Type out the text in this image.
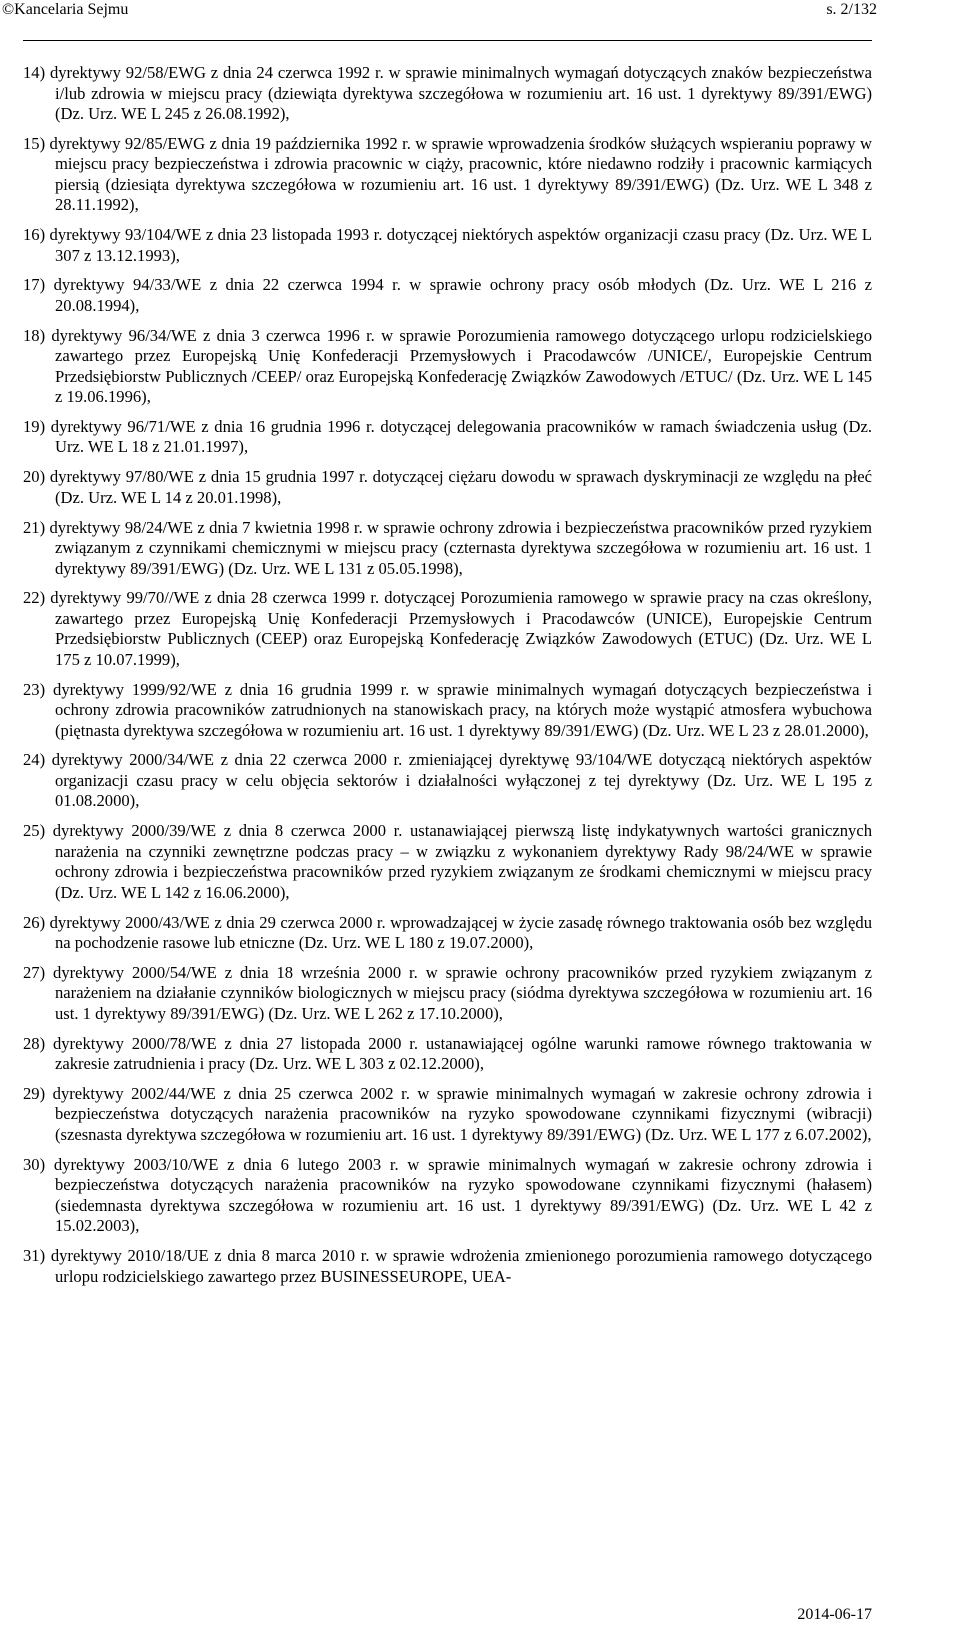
©Kancelaria Sejmu	s. 2/132

14) dyrektywy 92/58/EWG z dnia 24 czerwca 1992 r. w sprawie minimalnych wymagań dotyczących znaków bezpieczeństwa i/lub zdrowia w miejscu pracy (dziewiąta dyrektywa szczegółowa w rozumieniu art. 16 ust. 1 dyrektywy 89/391/EWG) (Dz. Urz. WE L 245 z 26.08.1992),

15) dyrektywy 92/85/EWG z dnia 19 października 1992 r. w sprawie wprowadzenia środków służących wspieraniu poprawy w miejscu pracy bezpieczeństwa i zdrowia pracownic w ciąży, pracownic, które niedawno rodziły i pracownic karmiących piersią (dziesiąta dyrektywa szczegółowa w rozumieniu art. 16 ust. 1 dyrektywy 89/391/EWG) (Dz. Urz. WE L 348 z 28.11.1992),

16) dyrektywy 93/104/WE z dnia 23 listopada 1993 r. dotyczącej niektórych aspektów organizacji czasu pracy (Dz. Urz. WE L 307 z 13.12.1993),

17) dyrektywy 94/33/WE z dnia 22 czerwca 1994 r. w sprawie ochrony pracy osób młodych (Dz. Urz. WE L 216 z 20.08.1994),

18) dyrektywy 96/34/WE z dnia 3 czerwca 1996 r. w sprawie Porozumienia ramowego dotyczącego urlopu rodzicielskiego zawartego przez Europejską Unię Konfederacji Przemysłowych i Pracodawców /UNICE/, Europejskie Centrum Przedsiębiorstw Publicznych /CEEP/ oraz Europejską Konfederację Związków Zawodowych /ETUC/ (Dz. Urz. WE L 145 z 19.06.1996),

19) dyrektywy 96/71/WE z dnia 16 grudnia 1996 r. dotyczącej delegowania pracowników w ramach świadczenia usług (Dz. Urz. WE L 18 z 21.01.1997),

20) dyrektywy 97/80/WE z dnia 15 grudnia 1997 r. dotyczącej ciężaru dowodu w sprawach dyskryminacji ze względu na płeć (Dz. Urz. WE L 14 z 20.01.1998),

21) dyrektywy 98/24/WE z dnia 7 kwietnia 1998 r. w sprawie ochrony zdrowia i bezpieczeństwa pracowników przed ryzykiem związanym z czynnikami chemicznymi w miejscu pracy (czternasta dyrektywa szczegółowa w rozumieniu art. 16 ust. 1 dyrektywy 89/391/EWG) (Dz. Urz. WE L 131 z 05.05.1998),

22) dyrektywy 99/70//WE z dnia 28 czerwca 1999 r. dotyczącej Porozumienia ramowego w sprawie pracy na czas określony, zawartego przez Europejską Unię Konfederacji Przemysłowych i Pracodawców (UNICE), Europejskie Centrum Przedsiębiorstw Publicznych (CEEP) oraz Europejską Konfederację Związków Zawodowych (ETUC) (Dz. Urz. WE L 175 z 10.07.1999),

23) dyrektywy 1999/92/WE z dnia 16 grudnia 1999 r. w sprawie minimalnych wymagań dotyczących bezpieczeństwa i ochrony zdrowia pracowników zatrudnionych na stanowiskach pracy, na których może wystąpić atmosfera wybuchowa (piętnasta dyrektywa szczegółowa w rozumieniu art. 16 ust. 1 dyrektywy 89/391/EWG) (Dz. Urz. WE L 23 z 28.01.2000),

24) dyrektywy 2000/34/WE z dnia 22 czerwca 2000 r. zmieniającej dyrektywę 93/104/WE dotyczącą niektórych aspektów organizacji czasu pracy w celu objęcia sektorów i działalności wyłączonej z tej dyrektywy (Dz. Urz. WE L 195 z 01.08.2000),

25) dyrektywy 2000/39/WE z dnia 8 czerwca 2000 r. ustanawiającej pierwszą listę indykatywnych wartości granicznych narażenia na czynniki zewnętrzne podczas pracy – w związku z wykonaniem dyrektywy Rady 98/24/WE w sprawie ochrony zdrowia i bezpieczeństwa pracowników przed ryzykiem związanym ze środkami chemicznymi w miejscu pracy (Dz. Urz. WE L 142 z 16.06.2000),

26) dyrektywy 2000/43/WE z dnia 29 czerwca 2000 r. wprowadzającej w życie zasadę równego traktowania osób bez względu na pochodzenie rasowe lub etniczne (Dz. Urz. WE L 180 z 19.07.2000),

27) dyrektywy 2000/54/WE z dnia 18 września 2000 r. w sprawie ochrony pracowników przed ryzykiem związanym z narażeniem na działanie czynników biologicznych w miejscu pracy (siódma dyrektywa szczegółowa w rozumieniu art. 16 ust. 1 dyrektywy 89/391/EWG) (Dz. Urz. WE L 262 z 17.10.2000),

28) dyrektywy 2000/78/WE z dnia 27 listopada 2000 r. ustanawiającej ogólne warunki ramowe równego traktowania w zakresie zatrudnienia i pracy (Dz. Urz. WE L 303 z 02.12.2000),

29) dyrektywy 2002/44/WE z dnia 25 czerwca 2002 r. w sprawie minimalnych wymagań w zakresie ochrony zdrowia i bezpieczeństwa dotyczących narażenia pracowników na ryzyko spowodowane czynnikami fizycznymi (wibracji) (szesnasta dyrektywa szczegółowa w rozumieniu art. 16 ust. 1 dyrektywy 89/391/EWG) (Dz. Urz. WE L 177 z 6.07.2002),

30) dyrektywy 2003/10/WE z dnia 6 lutego 2003 r. w sprawie minimalnych wymagań w zakresie ochrony zdrowia i bezpieczeństwa dotyczących narażenia pracowników na ryzyko spowodowane czynnikami fizycznymi (hałasem) (siedemnasta dyrektywa szczegółowa w rozumieniu art. 16 ust. 1 dyrektywy 89/391/EWG) (Dz. Urz. WE L 42 z 15.02.2003),

31) dyrektywy 2010/18/UE z dnia 8 marca 2010 r. w sprawie wdrożenia zmienionego porozumienia ramowego dotyczącego urlopu rodzicielskiego zawartego przez BUSINESSEUROPE, UEA-

2014-06-17
